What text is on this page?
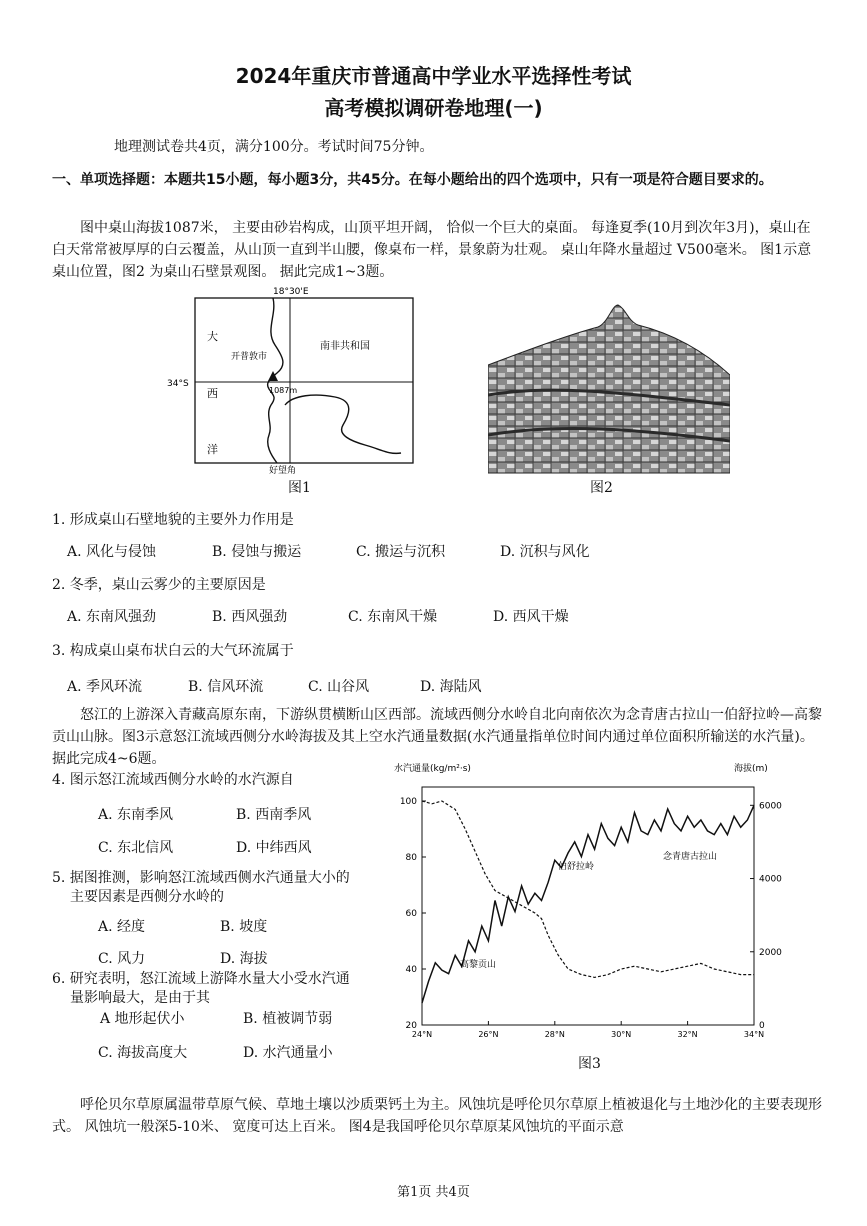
2024年重庆市普通高中学业水平选择性考试
高考模拟调研卷地理(一)
地理测试卷共4页，满分100分。考试时间75分钟。
一、单项选择题：本题共15小题，每小题3分，共45分。在每小题给出的四个选项中，只有一项是符合题目要求的。
图中桌山海拔1087米， 主要由砂岩构成，山顶平坦开阔， 恰似一个巨大的桌面。 每逢夏季(10月到次年3月)，桌山在白天常常被厚厚的白云覆盖，从山顶一直到半山腰，像桌布一样，景象蔚为壮观。 桌山年降水量超过 V500毫米。 图1示意桌山位置，图2 为桌山石壁景观图。 据此完成1~3题。
18°30'E
34°S
大
西
洋
南非共和国
开普敦市
1087m
好望角
图1	图2
1. 形成桌山石壁地貌的主要外力作用是
A. 风化与侵蚀	B. 侵蚀与搬运	C. 搬运与沉积	D. 沉积与风化
2. 冬季，桌山云雾少的主要原因是
A. 东南风强劲	B. 西风强劲	C. 东南风干燥	D. 西风干燥
3. 构成桌山桌布状白云的大气环流属于
A. 季风环流	B. 信风环流	C. 山谷风	D. 海陆风
怒江的上游深入青藏高原东南，下游纵贯横断山区西部。流域西侧分水岭自北向南依次为念青唐古拉山一伯舒拉岭—高黎贡山山脉。图3示意怒江流域西侧分水岭海拔及其上空水汽通量数据(水汽通量指单位时间内通过单位面积所输送的水汽量)。 据此完成4~6题。
4. 图示怒江流域西侧分水岭的水汽源自
A. 东南季风	B. 西南季风
C. 东北信风	D. 中纬西风
5. 据图推测，影响怒江流域西侧水汽通量大小的
主要因素是西侧分水岭的
A. 经度	B. 坡度
C. 风力	D. 海拔
6. 研究表明，怒江流域上游降水量大小受水汽通
量影响最大，是由于其
A 地形起伏小	B. 植被调节弱
C. 海拔高度大	D. 水汽通量小
水汽通量(kg/m²·s)	海拔(m)
24°N	26°N	28°N	30°N	32°N	34°N
20
40
60
80
100
0
2000
4000
6000
高黎贡山
伯舒拉岭
念青唐古拉山
图3
呼伦贝尔草原属温带草原气候、草地土壤以沙质栗钙土为主。风蚀坑是呼伦贝尔草原上植被退化与土地沙化的主要表现形式。 风蚀坑一般深5-10米、 宽度可达上百米。 图4是我国呼伦贝尔草原某风蚀坑的平面示意
第1页 共4页
